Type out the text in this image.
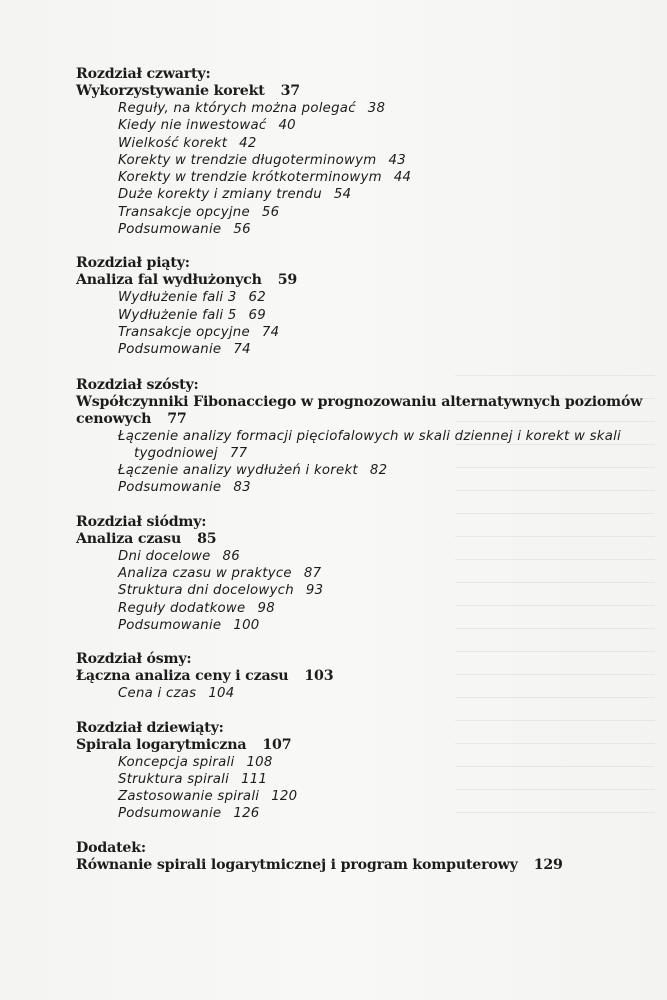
Rozdział czwarty:
Wykorzystywanie korekt 37
Reguły, na których można polegać 38
Kiedy nie inwestować 40
Wielkość korekt 42
Korekty w trendzie długoterminowym 43
Korekty w trendzie krótkoterminowym 44
Duże korekty i zmiany trendu 54
Transakcje opcyjne 56
Podsumowanie 56
Rozdział piąty:
Analiza fal wydłużonych 59
Wydłużenie fali 3 62
Wydłużenie fali 5 69
Transakcje opcyjne 74
Podsumowanie 74
Rozdział szósty:
Współczynniki Fibonacciego w prognozowaniu alternatywnych poziomów cenowych 77
Łączenie analizy formacji pięciofalowych w skali dziennej i korekt w skali tygodniowej 77
Łączenie analizy wydłużeń i korekt 82
Podsumowanie 83
Rozdział siódmy:
Analiza czasu 85
Dni docelowe 86
Analiza czasu w praktyce 87
Struktura dni docelowych 93
Reguły dodatkowe 98
Podsumowanie 100
Rozdział ósmy:
Łączna analiza ceny i czasu 103
Cena i czas 104
Rozdział dziewiąty:
Spirala logarytmiczna 107
Koncepcja spirali 108
Struktura spirali 111
Zastosowanie spirali 120
Podsumowanie 126
Dodatek:
Równanie spirali logarytmicznej i program komputerowy 129
